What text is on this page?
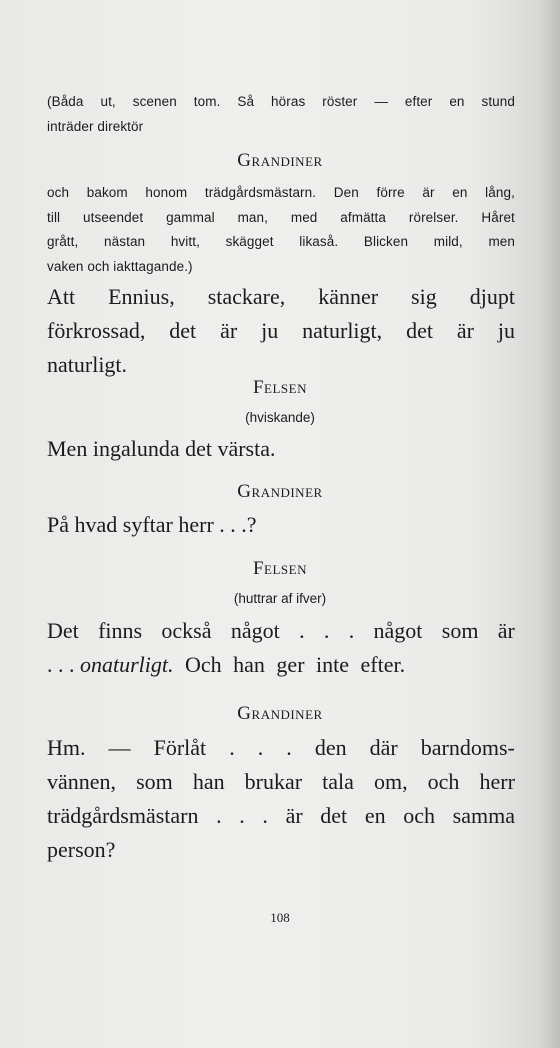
(Båda ut, scenen tom. Så höras röster — efter en stund
inträder direktör
Grandiner
och bakom honom trädgårdsmästarn. Den förre är en lång,
till utseendet gammal man, med afmätta rörelser. Håret
grått, nästan hvitt, skägget likaså. Blicken mild, men
vaken och iakttagande.)
Att Ennius, stackare, känner sig djupt
förkrossad, det är ju naturligt, det är ju
naturligt.
Felsen
(hviskande)
Men ingalunda det värsta.
Grandiner
På hvad syftar herr . . .?
Felsen
(huttrar af ifver)
Det finns också något . . . något som är
. . . onaturligt. Och han ger inte efter.
Grandiner
Hm. — Förlåt . . . den där barndoms-
vännen, som han brukar tala om, och herr
trädgårdsmästarn . . . är det en och samma
person?
108
